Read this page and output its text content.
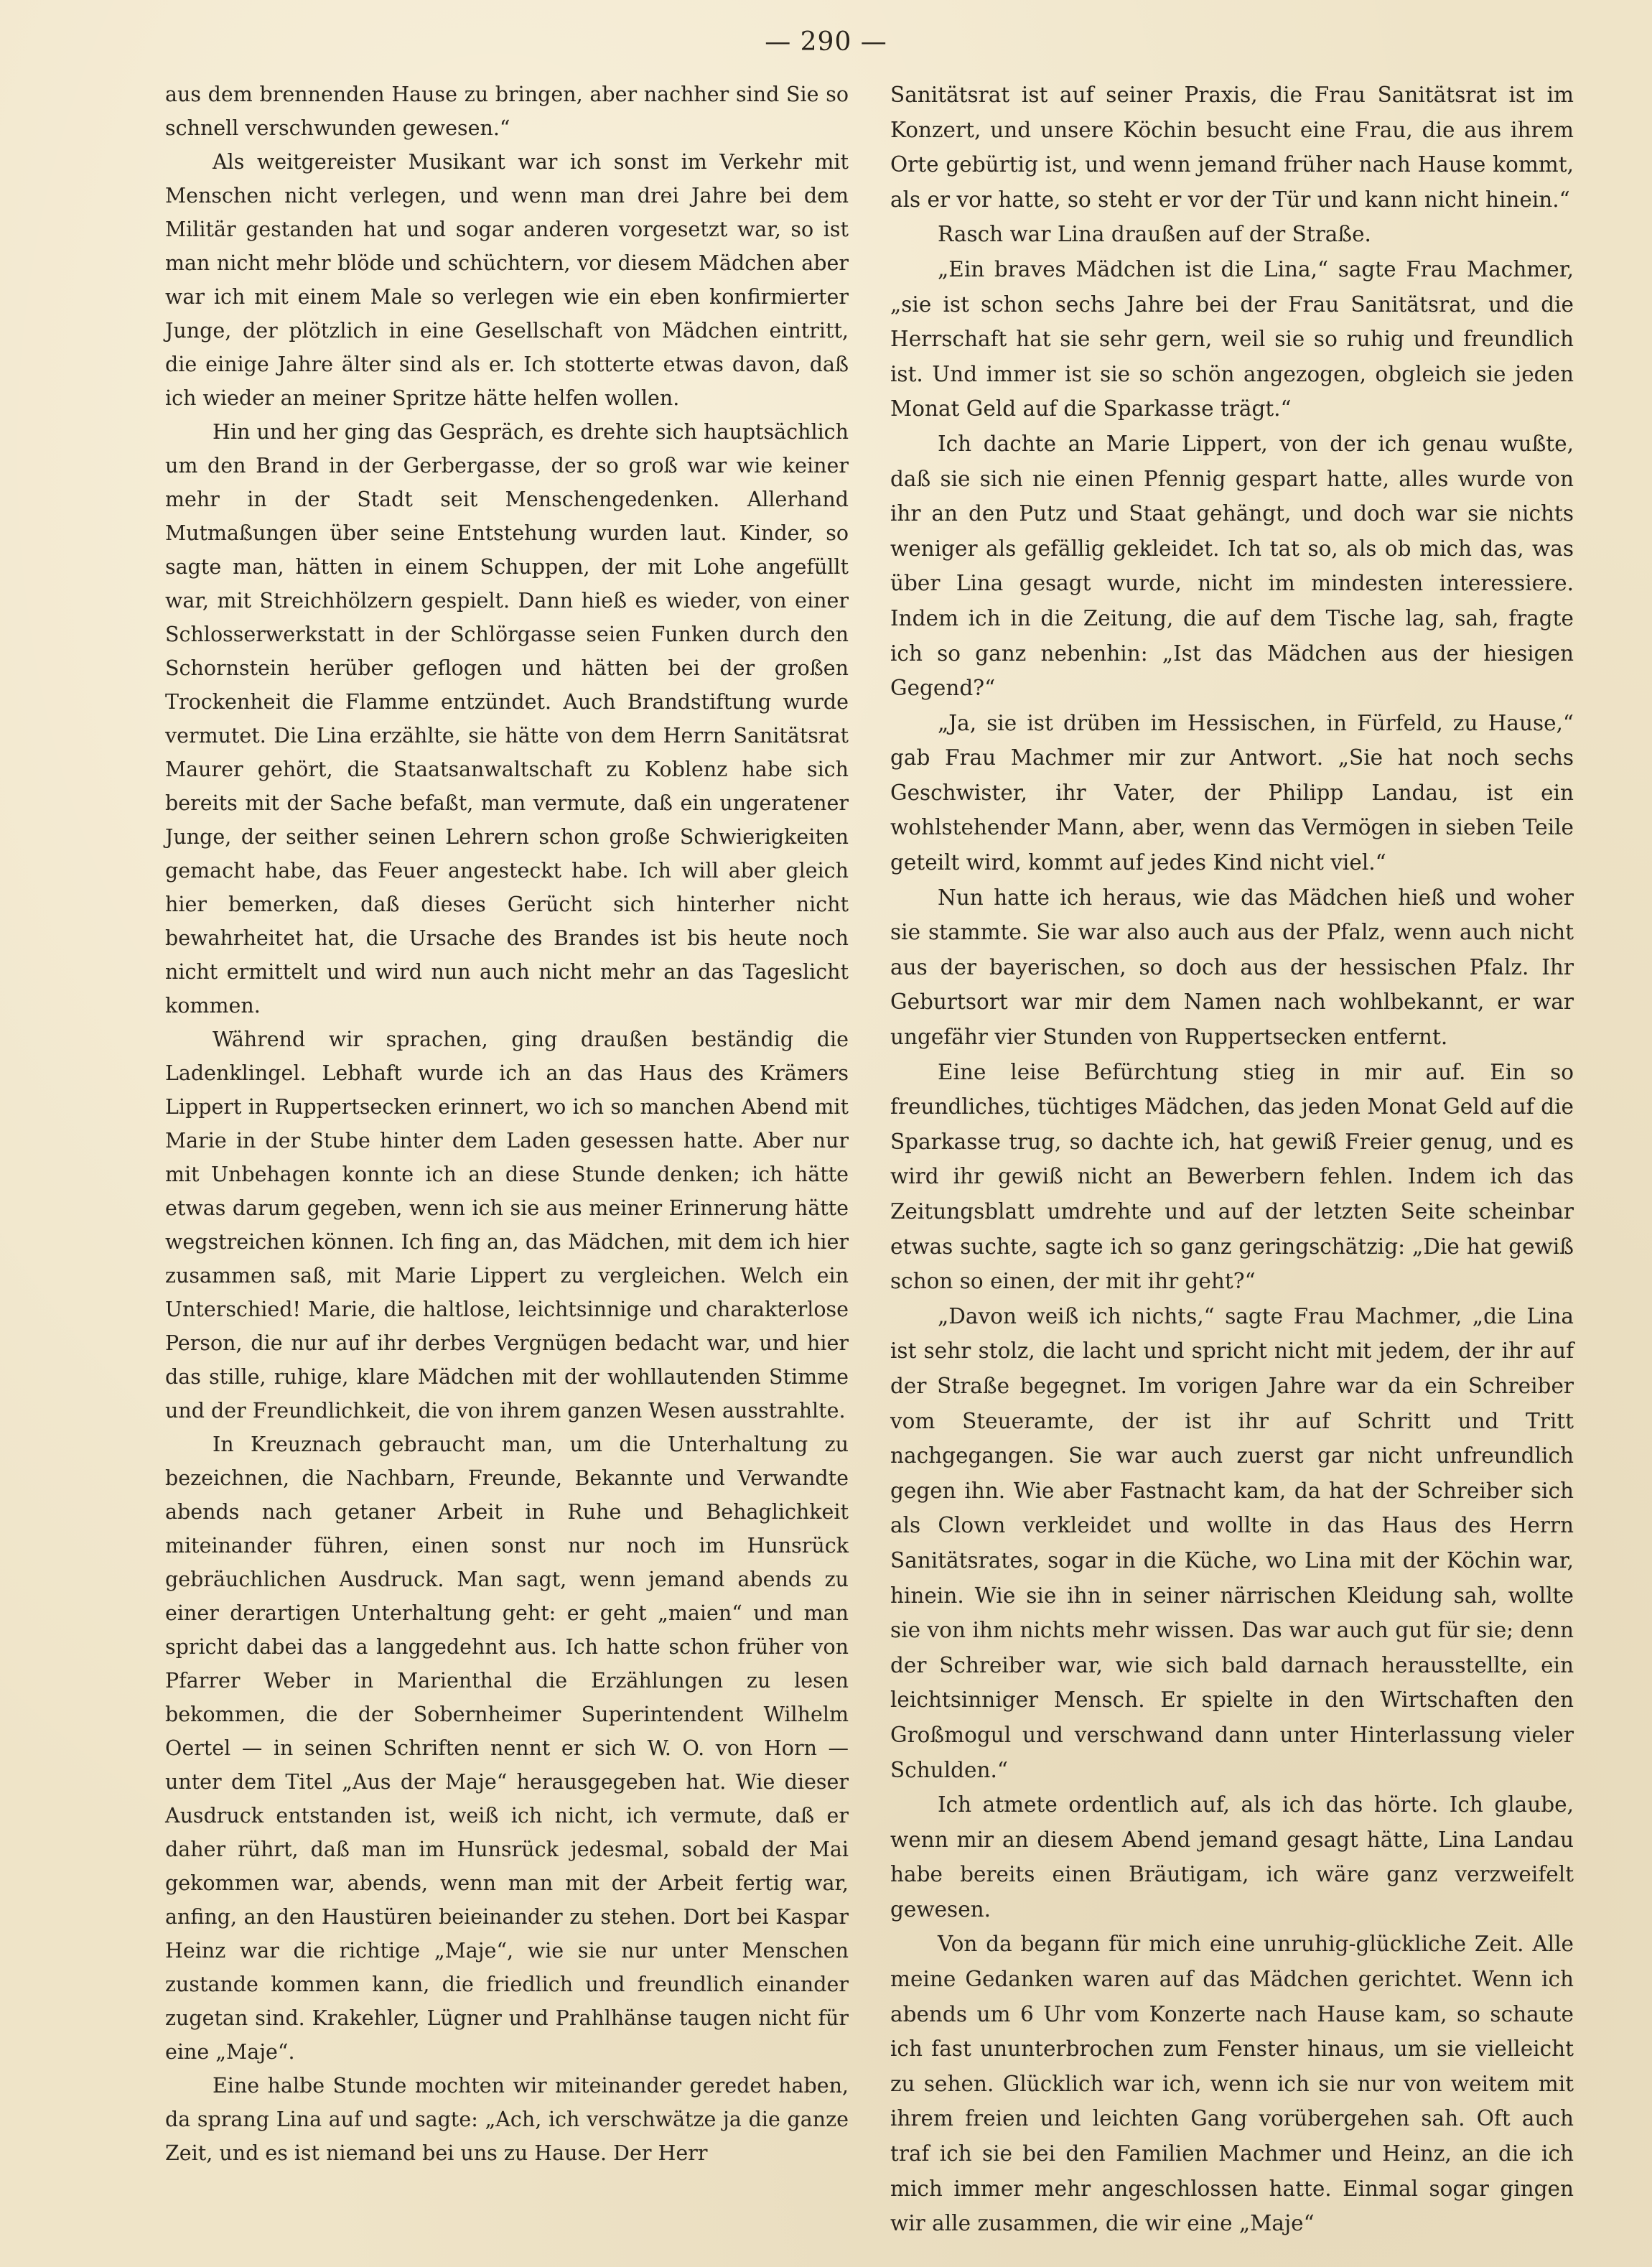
— 290 —

aus dem brennenden Hause zu bringen, aber nachher sind Sie so schnell verschwunden gewesen.“

Als weitgereister Musikant war ich sonst im Verkehr mit Menschen nicht verlegen, und wenn man drei Jahre bei dem Militär gestanden hat und sogar anderen vorgesetzt war, so ist man nicht mehr blöde und schüchtern, vor diesem Mädchen aber war ich mit einem Male so verlegen wie ein eben konfirmierter Junge, der plötzlich in eine Gesellschaft von Mädchen eintritt, die einige Jahre älter sind als er. Ich stotterte etwas davon, daß ich wieder an meiner Spritze hätte helfen wollen.

Hin und her ging das Gespräch, es drehte sich hauptsächlich um den Brand in der Gerbergasse, der so groß war wie keiner mehr in der Stadt seit Menschengedenken. Allerhand Mutmaßungen über seine Entstehung wurden laut. Kinder, so sagte man, hätten in einem Schuppen, der mit Lohe angefüllt war, mit Streichhölzern gespielt. Dann hieß es wieder, von einer Schlosserwerkstatt in der Schlörgasse seien Funken durch den Schornstein herüber geflogen und hätten bei der großen Trockenheit die Flamme entzündet. Auch Brandstiftung wurde vermutet. Die Lina erzählte, sie hätte von dem Herrn Sanitätsrat Maurer gehört, die Staatsanwaltschaft zu Koblenz habe sich bereits mit der Sache befaßt, man vermute, daß ein ungeratener Junge, der seither seinen Lehrern schon große Schwierigkeiten gemacht habe, das Feuer angesteckt habe. Ich will aber gleich hier bemerken, daß dieses Gerücht sich hinterher nicht bewahrheitet hat, die Ursache des Brandes ist bis heute noch nicht ermittelt und wird nun auch nicht mehr an das Tageslicht kommen.

Während wir sprachen, ging draußen beständig die Ladenklingel. Lebhaft wurde ich an das Haus des Krämers Lippert in Ruppertsecken erinnert, wo ich so manchen Abend mit Marie in der Stube hinter dem Laden gesessen hatte. Aber nur mit Unbehagen konnte ich an diese Stunde denken; ich hätte etwas darum gegeben, wenn ich sie aus meiner Erinnerung hätte wegstreichen können. Ich fing an, das Mädchen, mit dem ich hier zusammen saß, mit Marie Lippert zu vergleichen. Welch ein Unterschied! Marie, die haltlose, leichtsinnige und charakterlose Person, die nur auf ihr derbes Vergnügen bedacht war, und hier das stille, ruhige, klare Mädchen mit der wohllautenden Stimme und der Freundlichkeit, die von ihrem ganzen Wesen ausstrahlte.

In Kreuznach gebraucht man, um die Unterhaltung zu bezeichnen, die Nachbarn, Freunde, Bekannte und Verwandte abends nach getaner Arbeit in Ruhe und Behaglichkeit miteinander führen, einen sonst nur noch im Hunsrück gebräuchlichen Ausdruck. Man sagt, wenn jemand abends zu einer derartigen Unterhaltung geht: er geht „maien“ und man spricht dabei das a langgedehnt aus. Ich hatte schon früher von Pfarrer Weber in Marienthal die Erzählungen zu lesen bekommen, die der Sobernheimer Superintendent Wilhelm Oertel — in seinen Schriften nennt er sich W. O. von Horn — unter dem Titel „Aus der Maje“ herausgegeben hat. Wie dieser Ausdruck entstanden ist, weiß ich nicht, ich vermute, daß er daher rührt, daß man im Hunsrück jedesmal, sobald der Mai gekommen war, abends, wenn man mit der Arbeit fertig war, anfing, an den Haustüren beieinander zu stehen. Dort bei Kaspar Heinz war die richtige „Maje“, wie sie nur unter Menschen zustande kommen kann, die friedlich und freundlich einander zugetan sind. Krakehler, Lügner und Prahlhänse taugen nicht für eine „Maje“.

Eine halbe Stunde mochten wir miteinander geredet haben, da sprang Lina auf und sagte: „Ach, ich verschwätze ja die ganze Zeit, und es ist niemand bei uns zu Hause. Der Herr

Sanitätsrat ist auf seiner Praxis, die Frau Sanitätsrat ist im Konzert, und unsere Köchin besucht eine Frau, die aus ihrem Orte gebürtig ist, und wenn jemand früher nach Hause kommt, als er vor hatte, so steht er vor der Tür und kann nicht hinein.“

Rasch war Lina draußen auf der Straße.

„Ein braves Mädchen ist die Lina,“ sagte Frau Machmer, „sie ist schon sechs Jahre bei der Frau Sanitätsrat, und die Herrschaft hat sie sehr gern, weil sie so ruhig und freundlich ist. Und immer ist sie so schön angezogen, obgleich sie jeden Monat Geld auf die Sparkasse trägt.“

Ich dachte an Marie Lippert, von der ich genau wußte, daß sie sich nie einen Pfennig gespart hatte, alles wurde von ihr an den Putz und Staat gehängt, und doch war sie nichts weniger als gefällig gekleidet. Ich tat so, als ob mich das, was über Lina gesagt wurde, nicht im mindesten interessiere. Indem ich in die Zeitung, die auf dem Tische lag, sah, fragte ich so ganz nebenhin: „Ist das Mädchen aus der hiesigen Gegend?“

„Ja, sie ist drüben im Hessischen, in Fürfeld, zu Hause,“ gab Frau Machmer mir zur Antwort. „Sie hat noch sechs Geschwister, ihr Vater, der Philipp Landau, ist ein wohlstehender Mann, aber, wenn das Vermögen in sieben Teile geteilt wird, kommt auf jedes Kind nicht viel.“

Nun hatte ich heraus, wie das Mädchen hieß und woher sie stammte. Sie war also auch aus der Pfalz, wenn auch nicht aus der bayerischen, so doch aus der hessischen Pfalz. Ihr Geburtsort war mir dem Namen nach wohlbekannt, er war ungefähr vier Stunden von Ruppertsecken entfernt.

Eine leise Befürchtung stieg in mir auf. Ein so freundliches, tüchtiges Mädchen, das jeden Monat Geld auf die Sparkasse trug, so dachte ich, hat gewiß Freier genug, und es wird ihr gewiß nicht an Bewerbern fehlen. Indem ich das Zeitungsblatt umdrehte und auf der letzten Seite scheinbar etwas suchte, sagte ich so ganz geringschätzig: „Die hat gewiß schon so einen, der mit ihr geht?“

„Davon weiß ich nichts,“ sagte Frau Machmer, „die Lina ist sehr stolz, die lacht und spricht nicht mit jedem, der ihr auf der Straße begegnet. Im vorigen Jahre war da ein Schreiber vom Steueramte, der ist ihr auf Schritt und Tritt nachgegangen. Sie war auch zuerst gar nicht unfreundlich gegen ihn. Wie aber Fastnacht kam, da hat der Schreiber sich als Clown verkleidet und wollte in das Haus des Herrn Sanitätsrates, sogar in die Küche, wo Lina mit der Köchin war, hinein. Wie sie ihn in seiner närrischen Kleidung sah, wollte sie von ihm nichts mehr wissen. Das war auch gut für sie; denn der Schreiber war, wie sich bald darnach herausstellte, ein leichtsinniger Mensch. Er spielte in den Wirtschaften den Großmogul und verschwand dann unter Hinterlassung vieler Schulden.“

Ich atmete ordentlich auf, als ich das hörte. Ich glaube, wenn mir an diesem Abend jemand gesagt hätte, Lina Landau habe bereits einen Bräutigam, ich wäre ganz verzweifelt gewesen.

Von da begann für mich eine unruhig-glückliche Zeit. Alle meine Gedanken waren auf das Mädchen gerichtet. Wenn ich abends um 6 Uhr vom Konzerte nach Hause kam, so schaute ich fast ununterbrochen zum Fenster hinaus, um sie vielleicht zu sehen. Glücklich war ich, wenn ich sie nur von weitem mit ihrem freien und leichten Gang vorübergehen sah. Oft auch traf ich sie bei den Familien Machmer und Heinz, an die ich mich immer mehr angeschlossen hatte. Einmal sogar gingen wir alle zusammen, die wir eine „Maje“
